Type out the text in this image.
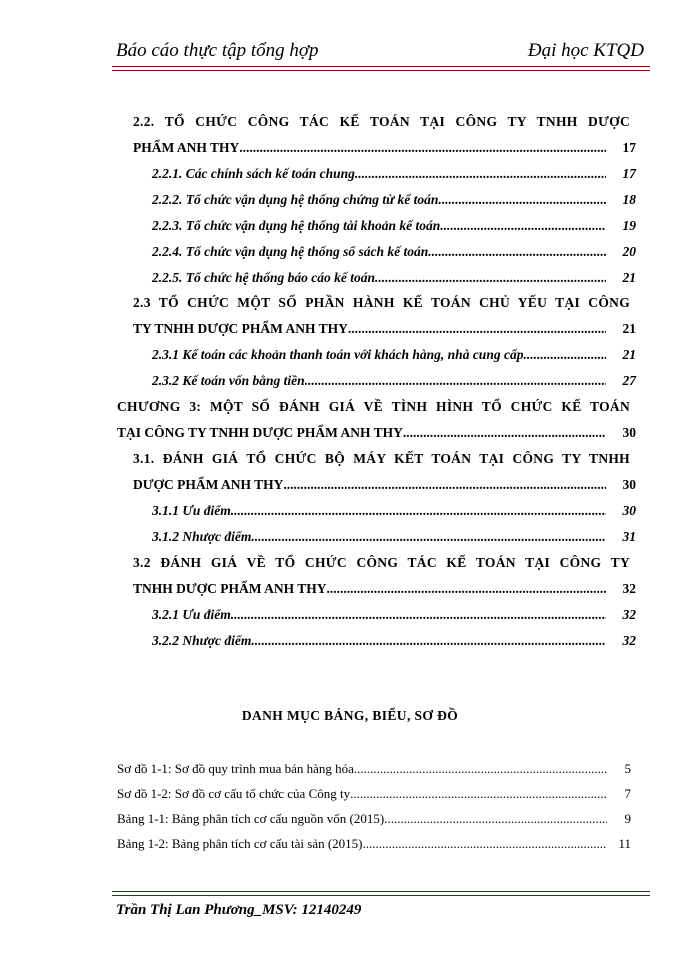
Báo cáo thực tập tổng hợp	Đại học KTQD
2.2. TỔ CHỨC CÔNG TÁC KẾ TOÁN TẠI CÔNG TY TNHH DƯỢC
PHẨM ANH THY .....	17
2.2.1. Các chính sách kế toán chung .....	17
2.2.2. Tổ chức vận dụng hệ thống chứng từ kế toán .....	18
2.2.3. Tổ chức vận dụng hệ thống tài khoản kế toán .....	19
2.2.4. Tổ chức vận dụng hệ thống sổ sách kế toán .....	20
2.2.5. Tổ chức hệ thống báo cáo kế toán .....	21
2.3 TỔ CHỨC MỘT SỐ PHẦN HÀNH KẾ TOÁN CHỦ YẾU TẠI CÔNG
TY TNHH DƯỢC PHẨM ANH THY .....	21
2.3.1 Kế toán các khoản thanh toán với khách hàng, nhà cung cấp .....	21
2.3.2 Kế toán vốn bằng tiền .....	27
CHƯƠNG 3: MỘT SỐ ĐÁNH GIÁ VỀ TÌNH HÌNH TỔ CHỨC KẾ TOÁN
TẠI CÔNG TY TNHH DƯỢC PHẨM ANH THY .....	30
3.1. ĐÁNH GIÁ TỔ CHỨC BỘ MÁY KẾT TOÁN TẠI CÔNG TY TNHH
DƯỢC PHẨM ANH THY .....	30
3.1.1 Ưu điểm .....	30
3.1.2 Nhược điểm .....	31
3.2 ĐÁNH GIÁ VỀ TỔ CHỨC CÔNG TÁC KẾ TOÁN TẠI CÔNG TY
TNHH DƯỢC PHẨM ANH THY .....	32
3.2.1 Ưu điểm .....	32
3.2.2 Nhược điểm .....	32
DANH MỤC BẢNG, BIỂU, SƠ ĐỒ
Sơ đồ 1-1: Sơ đồ quy trình mua bán hàng hóa .....	5
Sơ đồ 1-2: Sơ đồ cơ cấu tổ chức của Công ty .....	7
Bảng 1-1: Bảng phân tích cơ cấu nguồn vốn (2015) .....	9
Bảng 1-2: Bảng phân tích cơ cấu tài sản (2015) .....	11
Trần Thị Lan Phương_MSV: 12140249
